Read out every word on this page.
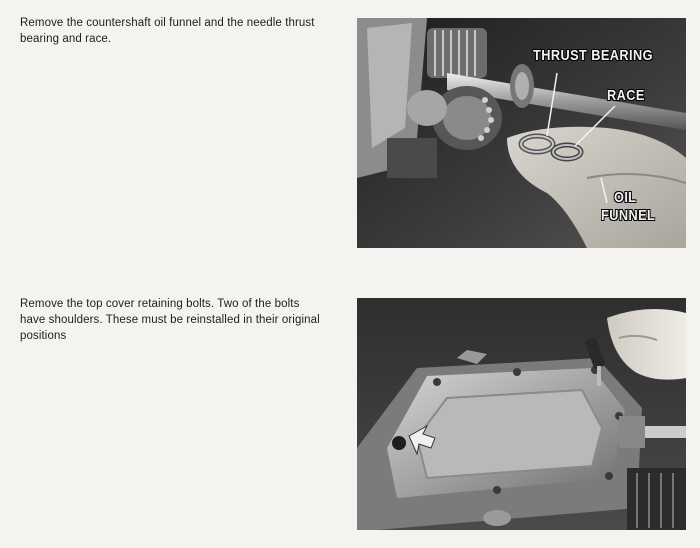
Remove the countershaft oil funnel and the needle thrust bearing and race.

THRUST BEARING
RACE
OIL
FUNNEL

Remove the top cover retaining bolts. Two of the bolts have shoulders. These must be reinstalled in their original positions
